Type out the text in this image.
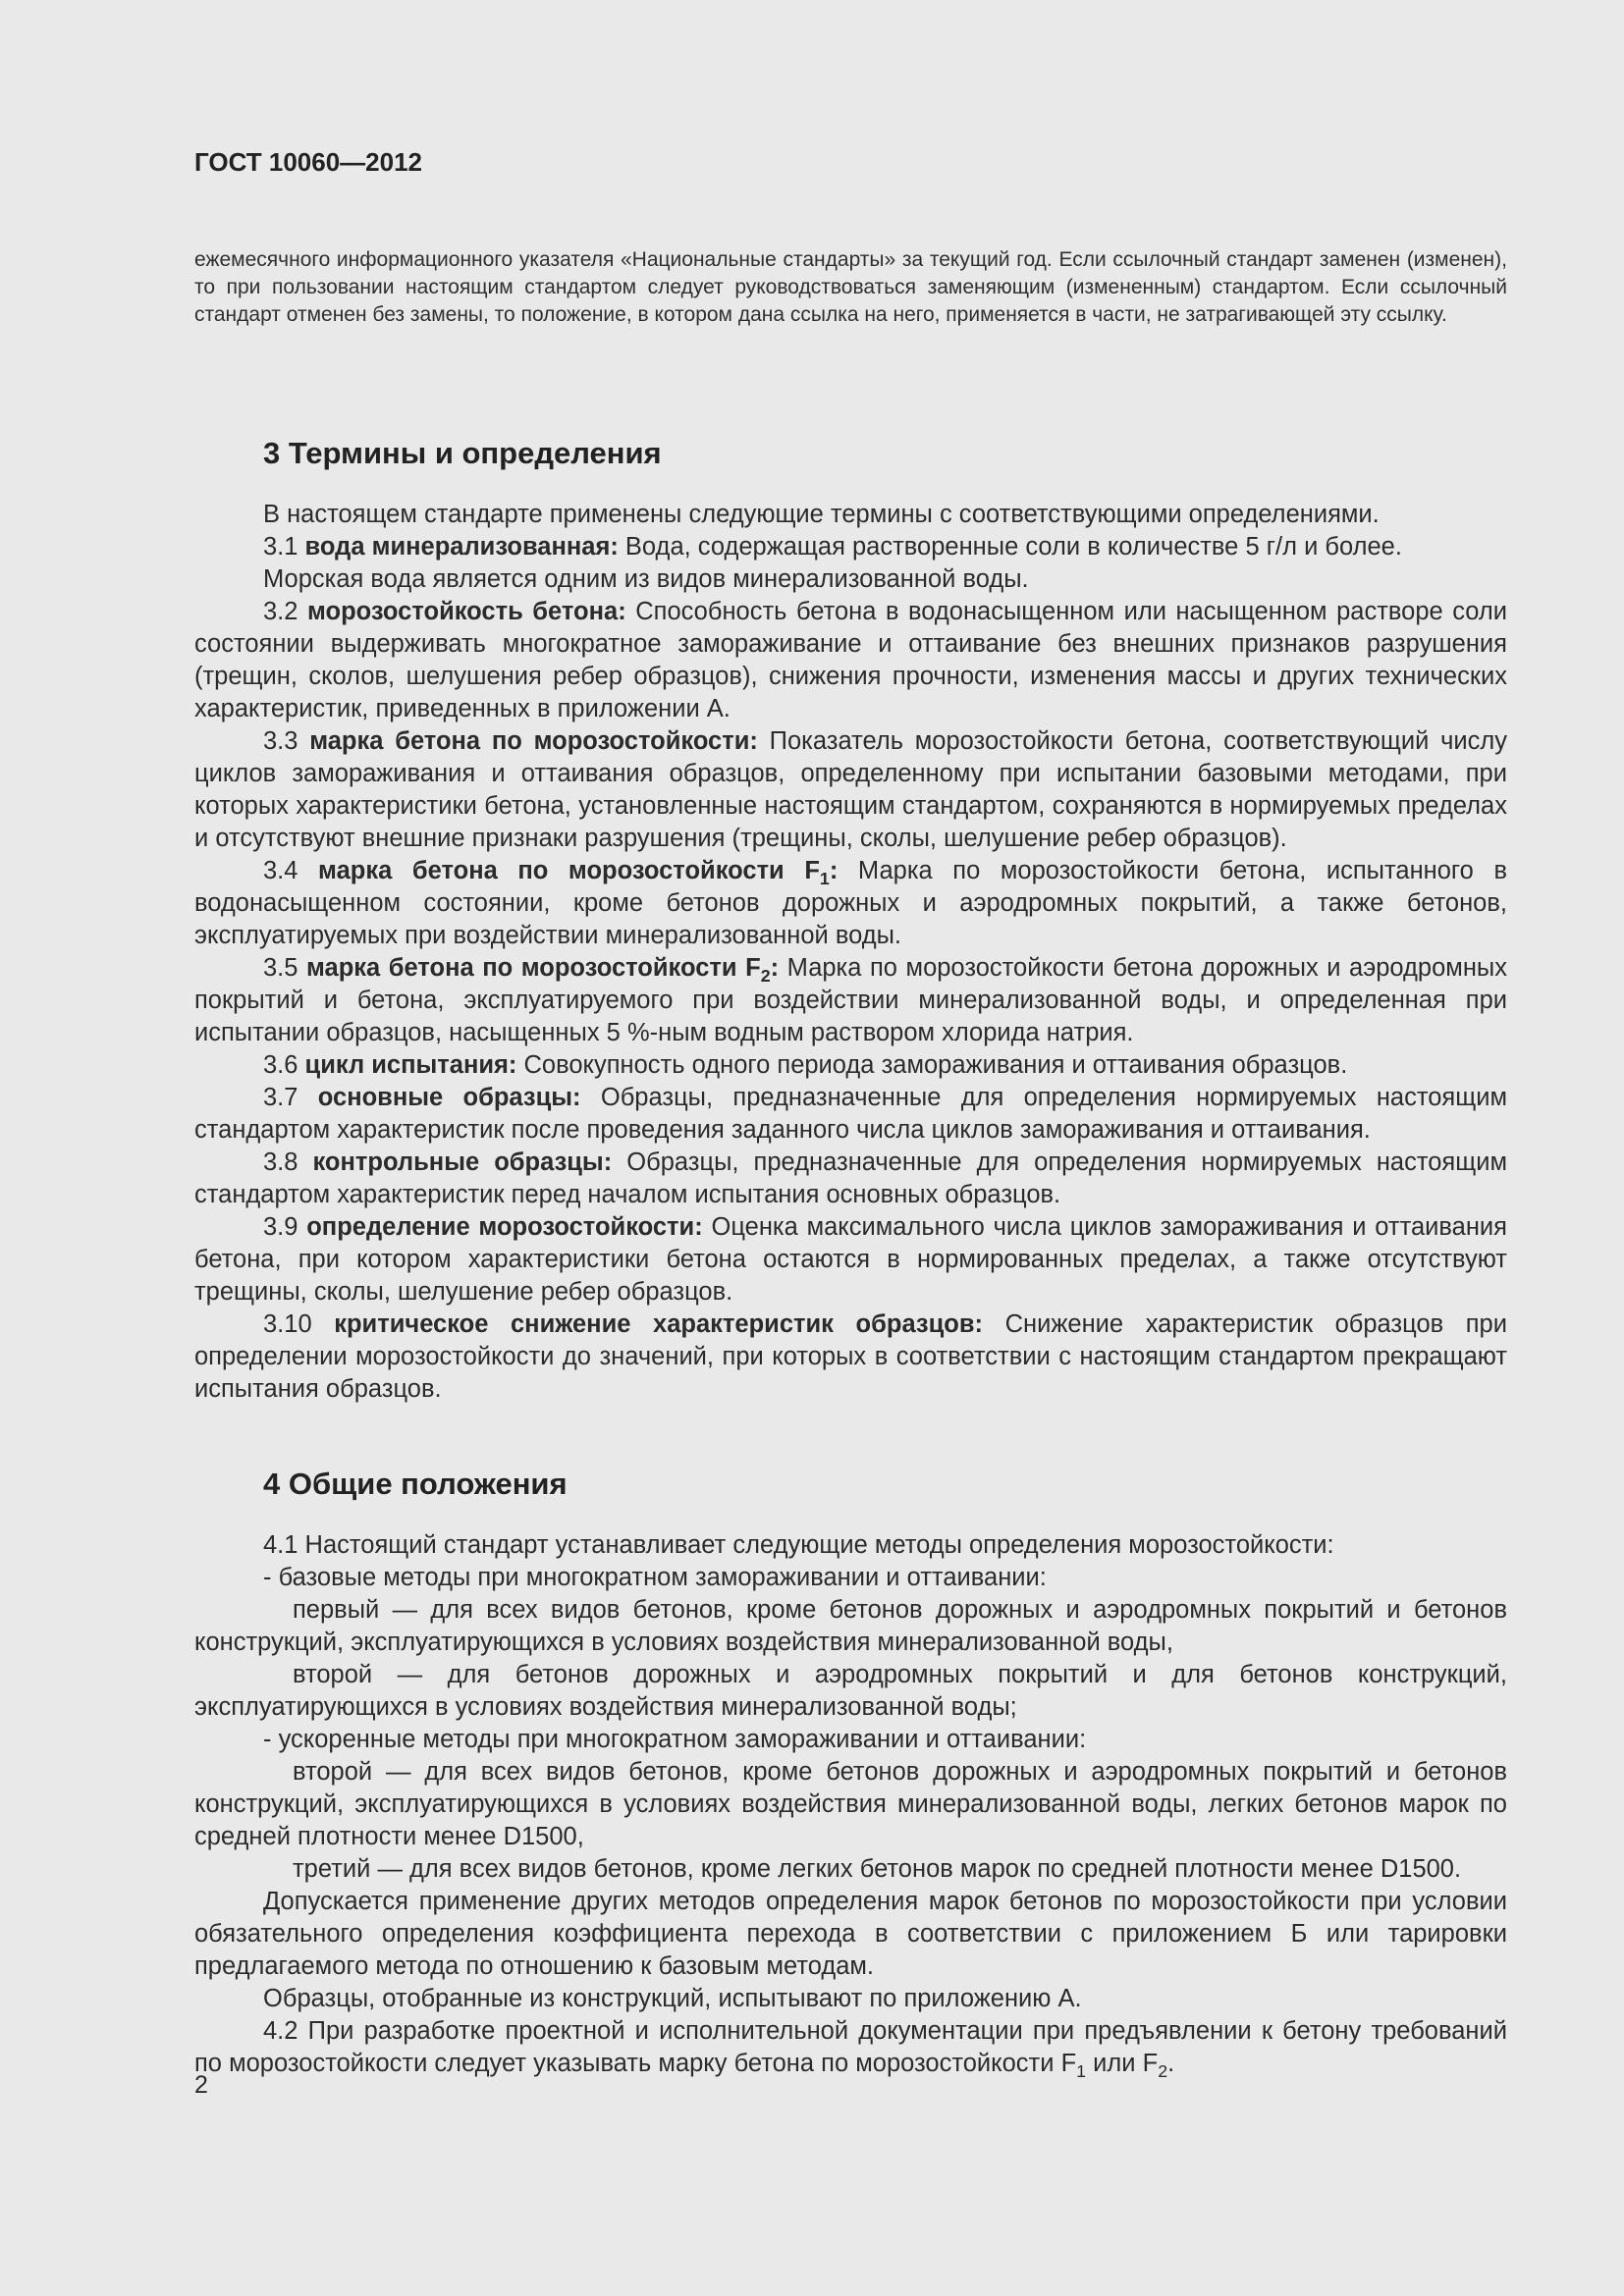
ГОСТ 10060—2012

ежемесячного информационного указателя «Национальные стандарты» за текущий год. Если ссылочный стандарт заменен (изменен), то при пользовании настоящим стандартом следует руководствоваться заменяющим (измененным) стандартом. Если ссылочный стандарт отменен без замены, то положение, в котором дана ссылка на него, применяется в части, не затрагивающей эту ссылку.

3 Термины и определения

В настоящем стандарте применены следующие термины с соответствующими определениями.

3.1 вода минерализованная: Вода, содержащая растворенные соли в количестве 5 г/л и более.

Морская вода является одним из видов минерализованной воды.

3.2 морозостойкость бетона: Способность бетона в водонасыщенном или насыщенном растворе соли состоянии выдерживать многократное замораживание и оттаивание без внешних признаков разрушения (трещин, сколов, шелушения ребер образцов), снижения прочности, изменения массы и других технических характеристик, приведенных в приложении А.

3.3 марка бетона по морозостойкости: Показатель морозостойкости бетона, соответствующий числу циклов замораживания и оттаивания образцов, определенному при испытании базовыми методами, при которых характеристики бетона, установленные настоящим стандартом, сохраняются в нормируемых пределах и отсутствуют внешние признаки разрушения (трещины, сколы, шелушение ребер образцов).

3.4 марка бетона по морозостойкости $F_1$: Марка по морозостойкости бетона, испытанного в водонасыщенном состоянии, кроме бетонов дорожных и аэродромных покрытий, а также бетонов, эксплуатируемых при воздействии минерализованной воды.

3.5 марка бетона по морозостойкости $F_2$: Марка по морозостойкости бетона дорожных и аэродромных покрытий и бетона, эксплуатируемого при воздействии минерализованной воды, и определенная при испытании образцов, насыщенных 5 %-ным водным раствором хлорида натрия.

3.6 цикл испытания: Совокупность одного периода замораживания и оттаивания образцов.

3.7 основные образцы: Образцы, предназначенные для определения нормируемых настоящим стандартом характеристик после проведения заданного числа циклов замораживания и оттаивания.

3.8 контрольные образцы: Образцы, предназначенные для определения нормируемых настоящим стандартом характеристик перед началом испытания основных образцов.

3.9 определение морозостойкости: Оценка максимального числа циклов замораживания и оттаивания бетона, при котором характеристики бетона остаются в нормированных пределах, а также отсутствуют трещины, сколы, шелушение ребер образцов.

3.10 критическое снижение характеристик образцов: Снижение характеристик образцов при определении морозостойкости до значений, при которых в соответствии с настоящим стандартом прекращают испытания образцов.

4 Общие положения

4.1 Настоящий стандарт устанавливает следующие методы определения морозостойкости:

- базовые методы при многократном замораживании и оттаивании:

первый — для всех видов бетонов, кроме бетонов дорожных и аэродромных покрытий и бетонов конструкций, эксплуатирующихся в условиях воздействия минерализованной воды,

второй — для бетонов дорожных и аэродромных покрытий и для бетонов конструкций, эксплуатирующихся в условиях воздействия минерализованной воды;

- ускоренные методы при многократном замораживании и оттаивании:

второй — для всех видов бетонов, кроме бетонов дорожных и аэродромных покрытий и бетонов конструкций, эксплуатирующихся в условиях воздействия минерализованной воды, легких бетонов марок по средней плотности менее D1500,

третий — для всех видов бетонов, кроме легких бетонов марок по средней плотности менее D1500.

Допускается применение других методов определения марок бетонов по морозостойкости при условии обязательного определения коэффициента перехода в соответствии с приложением Б или тарировки предлагаемого метода по отношению к базовым методам.

Образцы, отобранные из конструкций, испытывают по приложению А.

4.2 При разработке проектной и исполнительной документации при предъявлении к бетону требований по морозостойкости следует указывать марку бетона по морозостойкости $F_1$ или $F_2$.

2
